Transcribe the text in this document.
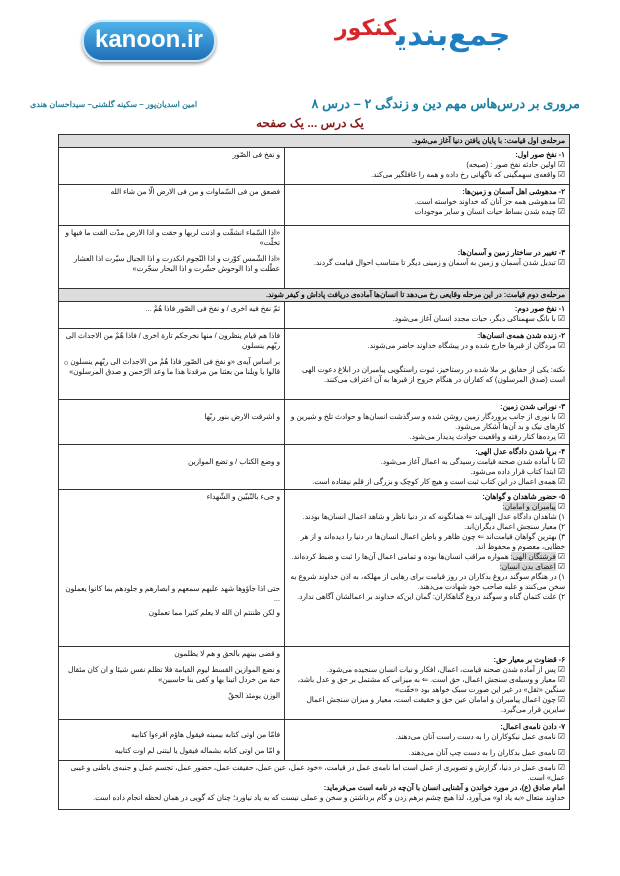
kanoon.ir	جمع‌بندی$^{کنکور}$
مروری بر درس‌هاس مهم دین و زندگی ۲ – درس ۸
امین اسدیان‌پور – سکینه گلشنی– سیداحسان هندی
یک درس ... یک صفحه
مرحله‌ی اول قیامت: با پایان یافتن دنیا آغاز می‌شود.

۱- نفخ صور اول:

☑ اولین حادثه نفخ صور : (صیحه)

☑ واقعه‌ی سهمگینی که ناگهانی رخ داده و همه را غافلگیر می‌کند.

و نفخ فی الصّور

۲- مدهوشی اهل آسمان و زمین‌ها:

☑ مدهوشی همه جز آنان که خداوند خواسته است.

☑ چیده شدن بساط حیات انسان و سایر موجودات

فصعق من فی السّماوات و من فی الارض الّا من شاء الله

۳- تغییر در ساختار زمین و آسمان‌ها:

☑ تبدیل شدن آسمان و زمین به آسمان و زمینی دیگر تا متناسب احوال قیامت گردند.

«اذا السّماء انشقّت و اذنت لربها و حقت و اذا الارض مدّت القت ما فیها و تخلّت»

«اذا الشّمس کوّرت و اذا النّجوم انکدرت و اذا الجبال سیّرت اذا العشار عطّلت و اذا الوحوش حشّرت و اذا البحار سجّرت»

مرحله‌ی دوم قیامت: در این مرحله وقایعی رخ می‌دهد تا انسان‌ها آماده‌ی دریافت پاداش و کیفر شوند.

۱- نفخ صور دوم:

☑ با بانگ سهمناکی دیگر، حیات مجدد انسان آغاز می‌شود.

ثمّ نفخ فیه اخری / و نفخ فی الصّور فاذا هُمْ ...

۲- زنده شدن همه‌ی انسان‌ها:

☑ مردگان از قبرها خارج شده و در پیشگاه خداوند حاضر می‌شوند.

نکته: یکی از حقایق بر ملا شده در رستاخیز، ثبوت راستگویی پیامبران در ابلاغ دعوت الهی است (صدق المرسلون) که کفاران در هنگام خروج از قبرها به آن اعتراف می‌کنند.

فاذا هم قیام ینظرون / منها نخرجکم تارة اخری / فاذا هُمْ من الاجداث الی ربّهم ینسلون

بر اساس آیه‌ی «و نفخ فی الصّور فاذا هُمْ من الاجداث الی ربّهم ینسلون ۞ قالوا یا ویلنا من بعثنا من مرقدنا هذا ما وعد الرّحمن و صدق المرسلون»

۳- نورانی شدن زمین:

☑ با نوری از جانب پروردگار زمین روشن شده و سرگذشت انسان‌ها و حوادث تلخ و شیرین و کارهای نیک و بد آن‌ها آشکار می‌شود.

☑ پرده‌ها کنار رفته و واقعیت حوادث پدیدار می‌شود.

و اشرقت الارض بنور ربّها

۴- برپا شدن دادگاه عدل الهی:

☑ با آماده شدن صحنه قیامت رسیدگی به اعمال آغاز می‌شود.

☑ ابتدا کتاب قرار داده می‌شود.

☑ همه‌ی اعمال در این کتاب ثبت است و هیچ کار کوچک و بزرگی از قلم نیفتاده است.

و وضع الکتاب / و تضع الموازین

۵- حضور شاهدان و گواهان:

☑ پیامبران و امامان:

۱) شاهدان دادگاه عدل الهی‌اند ⇐ همانگونه که در دنیا ناظر و شاهد اعمال انسان‌ها بودند.

۲) معیار سنجش اعمال دیگران‌اند.

۳) بهترین گواهان قیامت‌اند ⇐ چون ظاهر و باطن اعمال انسان‌ها در دنیا را دیده‌اند و از هر خطایی، معصوم و محفوظ اند.

☑ فرشتگان الهی: همواره مراقب انسان‌ها بوده و تمامی اعمال آن‌ها را ثبت و ضبط کرده‌اند.

☑ اعضای بدن انسان:

۱) در هنگام سوگند دروغ بدکاران در روز قیامت برای رهایی از مهلکه، به اذن خداوند شروع به سخن می‌کنند و علیه صاحب خود شهادت می‌دهند.

۲) علت کتمان گناه و سوگند دروغ گناهکاران: گمان این‌که خداوند بر اعمالشان آگاهی ندارد.

و جیء بالنّبیّین و الشّهداء

حتی اذا جاؤوها شهد علیهم سمعهم و ابصارهم و جلودهم بما کانوا یعملون ...

و لکن ظننتم ان الله لا یعلم کثیرا مما تعملون

۶- قضاوت بر معیار حق:

☑ پس از آماده شدن صحنه قیامت، اعمال، افکار و نیات انسان سنجیده می‌شود.

☑ معیار و وسیله‌ی سنجش اعمال، حق است. ⇐ به میزانی که مشتمل بر حق و عدل باشد، سنگین «ثقل» در غیر این صورت سبک خواهد بود «خفّت»

☑ چون اعمال پیامبران و امامان عین حق و حقیقت است، معیار و میزان سنجش اعمال سایرین قرار می‌گیرد.

و قضی بینهم بالحق و هم لا یظلمون

و نضع الموازین القسط لیوم القیامة فلا تظلم نفس شیئا و ان کان مثقال حبة من خردل اتینا بها و کفی بنا حاسبین»

الوزن یومئذ الحقّ

۷- دادن نامه‌ی اعمال:

☑ نامه‌ی عمل نیکوکاران را به دست راست آنان می‌دهند.

☑ نامه‌ی عمل بدکاران را به دست چپ آنان می‌دهند.

فامّا من اوتی کتابه بیمینه فیقول هاؤم اقرءوا کتابیه

و امّا من اوتی کتابه بشماله فیقول یا لیتنی لم اوت کتابیه

☑ نامه‌ی عمل در دنیا، گزارش و تصویری از عمل است اما نامه‌ی عمل در قیامت، «خود عمل، عین عمل، حقیقت عمل، حضور عمل، تجسم عمل و جنبه‌ی باطنی و غیبی عمل» است.

امام صادق (ع)، در مورد خواندن و آشنایی انسان با آن‌چه در نامه است می‌فرماید:

خداوند متعال «به یاد او» می‌آورد، لذا هیچ چشم برهم زدن و گام برداشتن و سخن و عملی نیست که به یاد نیاورد؛ چنان که گویی در همان لحظه انجام داده است.
